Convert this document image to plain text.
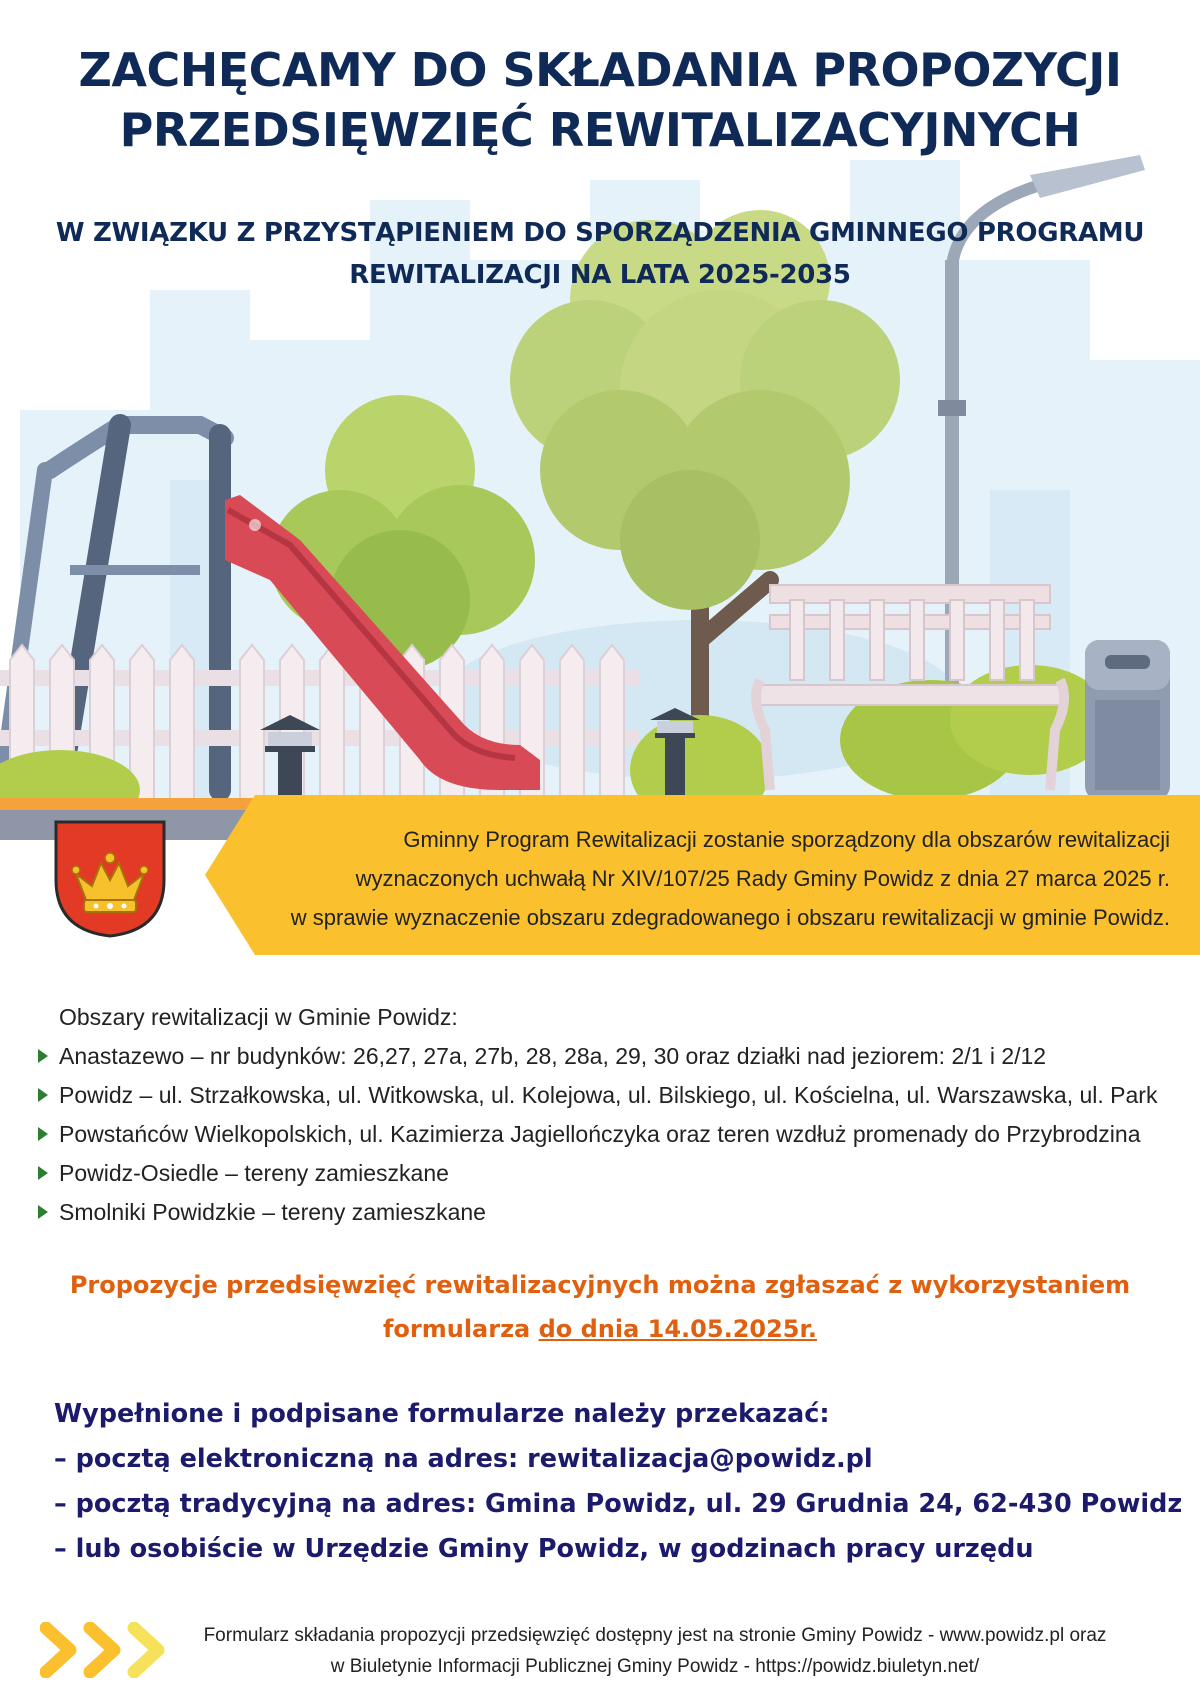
ZACHĘCAMY DO SKŁADANIA PROPOZYCJI
PRZEDSIĘWZIĘĆ REWITALIZACYJNYCH
W ZWIĄZKU Z PRZYSTĄPIENIEM DO SPORZĄDZENIA GMINNEGO PROGRAMU
REWITALIZACJI NA LATA 2025-2035
Gminny Program Rewitalizacji zostanie sporządzony dla obszarów rewitalizacji
wyznaczonych uchwałą Nr XIV/107/25 Rady Gminy Powidz z dnia 27 marca 2025 r.
w sprawie wyznaczenie obszaru zdegradowanego i obszaru rewitalizacji w gminie Powidz.
Obszary rewitalizacji w Gminie Powidz:
Anastazewo – nr budynków: 26,27, 27a, 27b, 28, 28a, 29, 30 oraz działki nad jeziorem: 2/1 i 2/12
Powidz – ul. Strzałkowska, ul. Witkowska, ul. Kolejowa, ul. Bilskiego, ul. Kościelna, ul. Warszawska, ul. Park
Powstańców Wielkopolskich, ul. Kazimierza Jagiellończyka oraz teren wzdłuż promenady do Przybrodzina
Powidz-Osiedle – tereny zamieszkane
Smolniki Powidzkie – tereny zamieszkane
Propozycje przedsięwzięć rewitalizacyjnych można zgłaszać z wykorzystaniem
formularza do dnia 14.05.2025r.
Wypełnione i podpisane formularze należy przekazać:
– pocztą elektroniczną na adres: rewitalizacja@powidz.pl
– pocztą tradycyjną na adres: Gmina Powidz, ul. 29 Grudnia 24, 62-430 Powidz
– lub osobiście w Urzędzie Gminy Powidz, w godzinach pracy urzędu
Formularz składania propozycji przedsięwzięć dostępny jest na stronie Gminy Powidz - www.powidz.pl oraz
w Biuletynie Informacji Publicznej Gminy Powidz - https://powidz.biuletyn.net/
